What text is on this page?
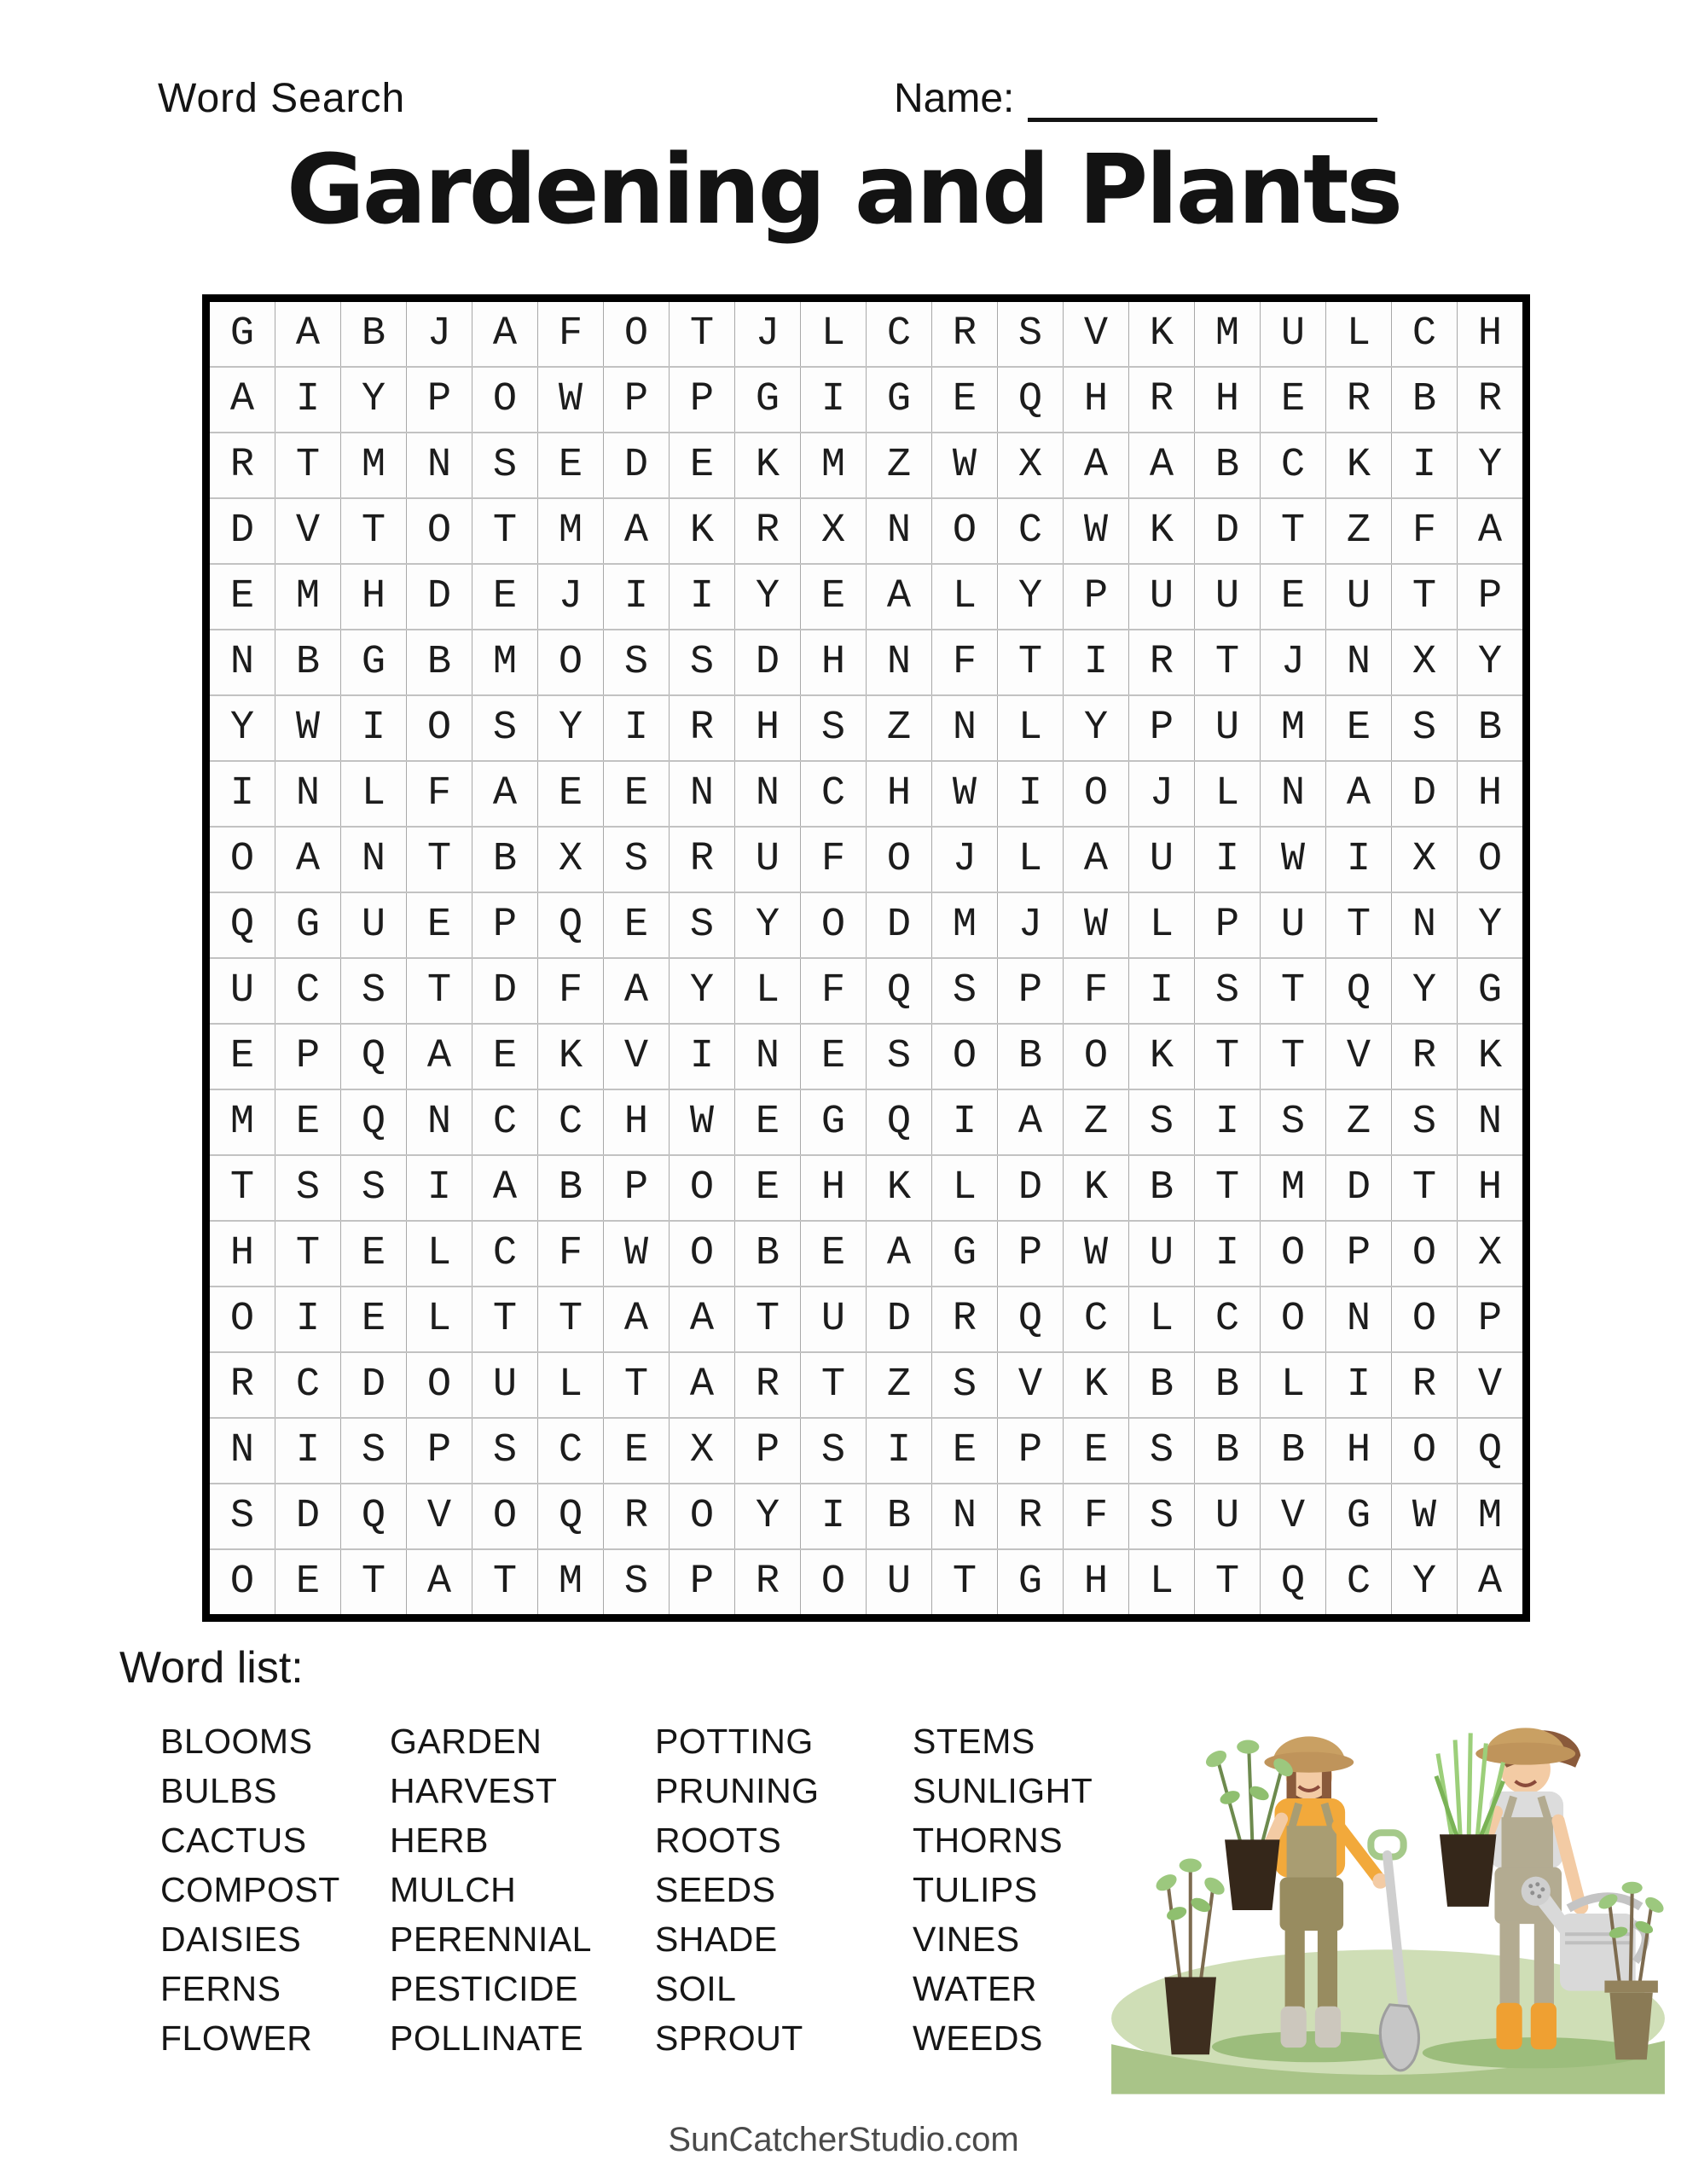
Word Search	Name:
Gardening and Plants
G	A	B	J	A	F	O	T	J	L	C	R	S	V	K	M	U	L	C	H
A	I	Y	P	O	W	P	P	G	I	G	E	Q	H	R	H	E	R	B	R
R	T	M	N	S	E	D	E	K	M	Z	W	X	A	A	B	C	K	I	Y
D	V	T	O	T	M	A	K	R	X	N	O	C	W	K	D	T	Z	F	A
E	M	H	D	E	J	I	I	Y	E	A	L	Y	P	U	U	E	U	T	P
N	B	G	B	M	O	S	S	D	H	N	F	T	I	R	T	J	N	X	Y
Y	W	I	O	S	Y	I	R	H	S	Z	N	L	Y	P	U	M	E	S	B
I	N	L	F	A	E	E	N	N	C	H	W	I	O	J	L	N	A	D	H
O	A	N	T	B	X	S	R	U	F	O	J	L	A	U	I	W	I	X	O
Q	G	U	E	P	Q	E	S	Y	O	D	M	J	W	L	P	U	T	N	Y
U	C	S	T	D	F	A	Y	L	F	Q	S	P	F	I	S	T	Q	Y	G
E	P	Q	A	E	K	V	I	N	E	S	O	B	O	K	T	T	V	R	K
M	E	Q	N	C	C	H	W	E	G	Q	I	A	Z	S	I	S	Z	S	N
T	S	S	I	A	B	P	O	E	H	K	L	D	K	B	T	M	D	T	H
H	T	E	L	C	F	W	O	B	E	A	G	P	W	U	I	O	P	O	X
O	I	E	L	T	T	A	A	T	U	D	R	Q	C	L	C	O	N	O	P
R	C	D	O	U	L	T	A	R	T	Z	S	V	K	B	B	L	I	R	V
N	I	S	P	S	C	E	X	P	S	I	E	P	E	S	B	B	H	O	Q
S	D	Q	V	O	Q	R	O	Y	I	B	N	R	F	S	U	V	G	W	M
O	E	T	A	T	M	S	P	R	O	U	T	G	H	L	T	Q	C	Y	A
Word list:
BLOOMS
BULBS
CACTUS
COMPOST
DAISIES
FERNS
FLOWER
GARDEN
HARVEST
HERB
MULCH
PERENNIAL
PESTICIDE
POLLINATE
POTTING
PRUNING
ROOTS
SEEDS
SHADE
SOIL
SPROUT
STEMS
SUNLIGHT
THORNS
TULIPS
VINES
WATER
WEEDS
SunCatcherStudio.com
